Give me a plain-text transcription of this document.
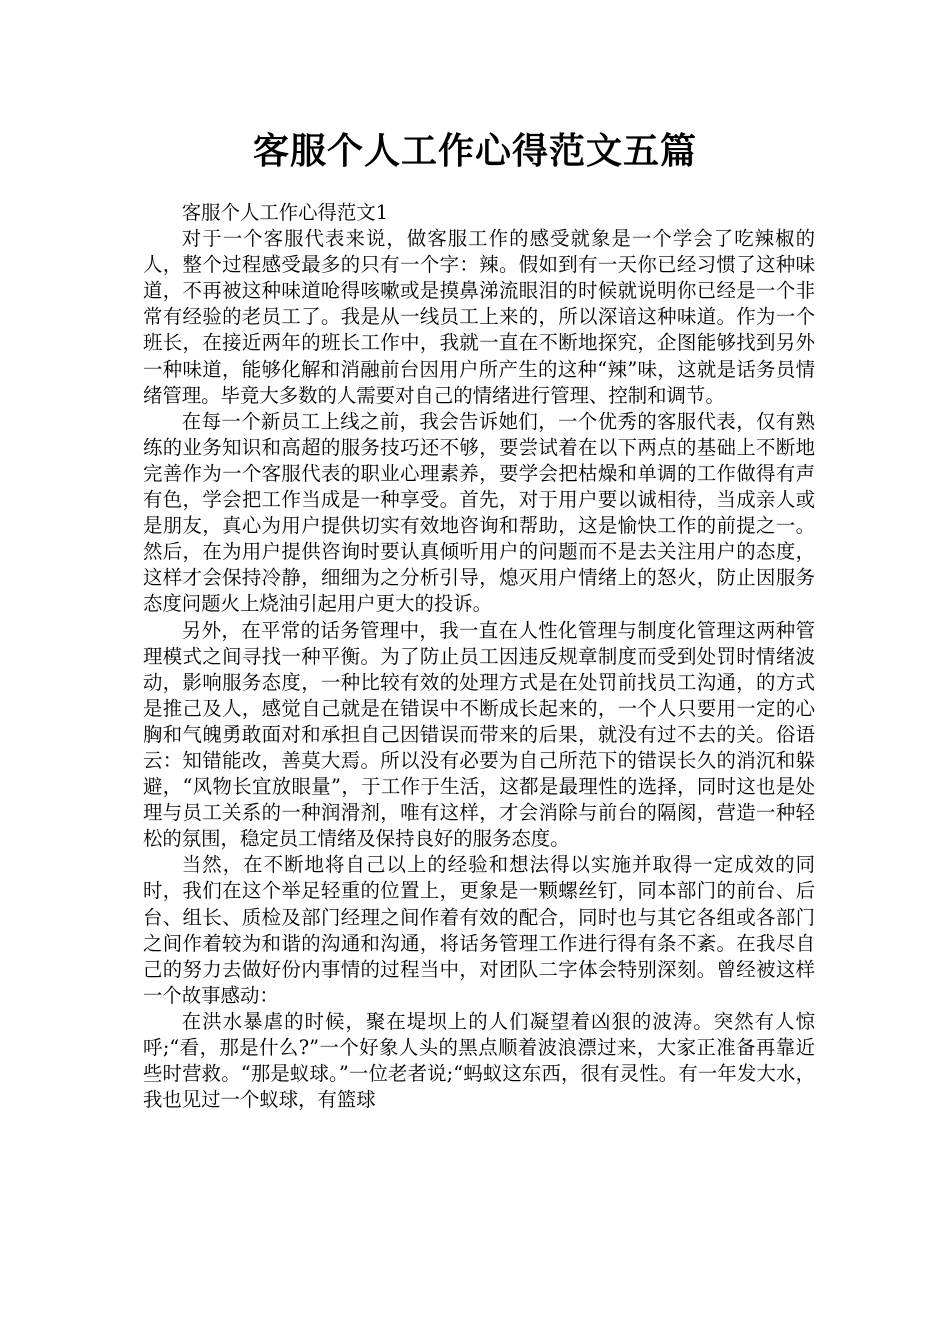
客服个人工作心得范文五篇

客服个人工作心得范文1

对于一个客服代表来说，做客服工作的感受就象是一个学会了吃辣椒的人，整个过程感受最多的只有一个字：辣。假如到有一天你已经习惯了这种味道，不再被这种味道呛得咳嗽或是摸鼻涕流眼泪的时候就说明你已经是一个非常有经验的老员工了。我是从一线员工上来的，所以深谙这种味道。作为一个班长，在接近两年的班长工作中，我就一直在不断地探究，企图能够找到另外一种味道，能够化解和消融前台因用户所产生的这种“辣”味，这就是话务员情绪管理。毕竟大多数的人需要对自己的情绪进行管理、控制和调节。

在每一个新员工上线之前，我会告诉她们，一个优秀的客服代表，仅有熟练的业务知识和高超的服务技巧还不够，要尝试着在以下两点的基础上不断地完善作为一个客服代表的职业心理素养，要学会把枯燥和单调的工作做得有声有色，学会把工作当成是一种享受。首先，对于用户要以诚相待，当成亲人或是朋友，真心为用户提供切实有效地咨询和帮助，这是愉快工作的前提之一。然后，在为用户提供咨询时要认真倾听用户的问题而不是去关注用户的态度，这样才会保持冷静，细细为之分析引导，熄灭用户情绪上的怒火，防止因服务态度问题火上烧油引起用户更大的投诉。

另外，在平常的话务管理中，我一直在人性化管理与制度化管理这两种管理模式之间寻找一种平衡。为了防止员工因违反规章制度而受到处罚时情绪波动，影响服务态度，一种比较有效的处理方式是在处罚前找员工沟通，的方式是推己及人，感觉自己就是在错误中不断成长起来的，一个人只要用一定的心胸和气魄勇敢面对和承担自己因错误而带来的后果，就没有过不去的关。俗语云：知错能改，善莫大焉。所以没有必要为自己所范下的错误长久的消沉和躲避，“风物长宜放眼量”，于工作于生活，这都是最理性的选择，同时这也是处理与员工关系的一种润滑剂，唯有这样，才会消除与前台的隔阂，营造一种轻松的氛围，稳定员工情绪及保持良好的服务态度。

当然，在不断地将自己以上的经验和想法得以实施并取得一定成效的同时，我们在这个举足轻重的位置上，更象是一颗螺丝钉，同本部门的前台、后台、组长、质检及部门经理之间作着有效的配合，同时也与其它各组或各部门之间作着较为和谐的沟通和沟通，将话务管理工作进行得有条不紊。在我尽自己的努力去做好份内事情的过程当中，对团队二字体会特别深刻。曾经被这样一个故事感动：

在洪水暴虐的时候，聚在堤坝上的人们凝望着凶狠的波涛。突然有人惊呼;“看，那是什么?”一个好象人头的黑点顺着波浪漂过来，大家正准备再靠近些时营救。“那是蚁球。”一位老者说;“蚂蚁这东西，很有灵性。有一年发大水，我也见过一个蚁球，有篮球
